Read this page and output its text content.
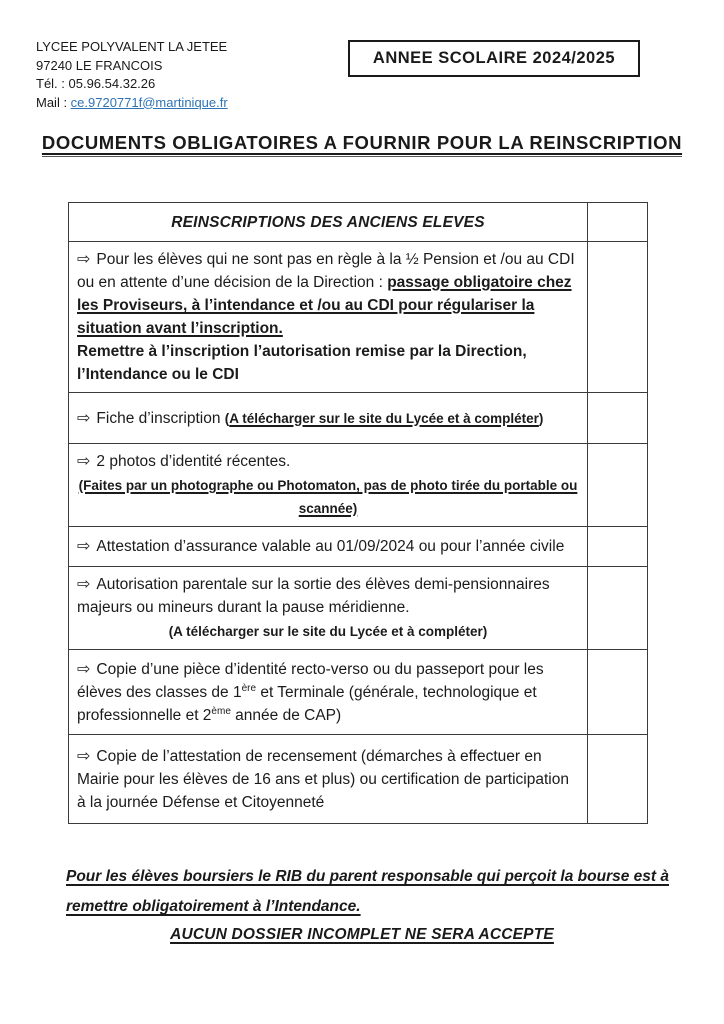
LYCEE POLYVALENT LA JETEE
97240 LE FRANCOIS
Tél. : 05.96.54.32.26
Mail : ce.9720771f@martinique.fr
ANNEE SCOLAIRE 2024/2025
DOCUMENTS OBLIGATOIRES A FOURNIR POUR LA REINSCRIPTION
REINSCRIPTIONS DES ANCIENS ELEVES	
⇨ Pour les élèves qui ne sont pas en règle à la ½ Pension et /ou au CDI ou en attente d’une décision de la Direction : passage obligatoire chez les Proviseurs, à l’intendance et /ou au CDI pour régulariser la situation avant l’inscription.
Remettre à l’inscription l’autorisation remise par la Direction, l’Intendance ou le CDI	

⇨ Fiche d’inscription (A télécharger sur le site du Lycée et à compléter)	
⇨ 2 photos d’identité récentes.
(Faites par un photographe ou Photomaton, pas de photo tirée du portable ou scannée)	

⇨ Attestation d’assurance valable au 01/09/2024 ou pour l’année civile	
⇨ Autorisation parentale sur la sortie des élèves demi-pensionnaires majeurs ou mineurs durant la pause méridienne.
(A télécharger sur le site du Lycée et à compléter)	

⇨ Copie d’une pièce d’identité recto-verso ou du passeport pour les élèves des classes de 1ère et Terminale (générale, technologique et professionnelle et 2ème année de CAP)	
⇨ Copie de l’attestation de recensement (démarches à effectuer en Mairie pour les élèves de 16 ans et plus) ou certification de participation à la journée Défense et Citoyenneté	
Pour les élèves boursiers le RIB du parent responsable qui perçoit la bourse est à remettre obligatoirement à l’Intendance.
AUCUN DOSSIER INCOMPLET NE SERA ACCEPTE
